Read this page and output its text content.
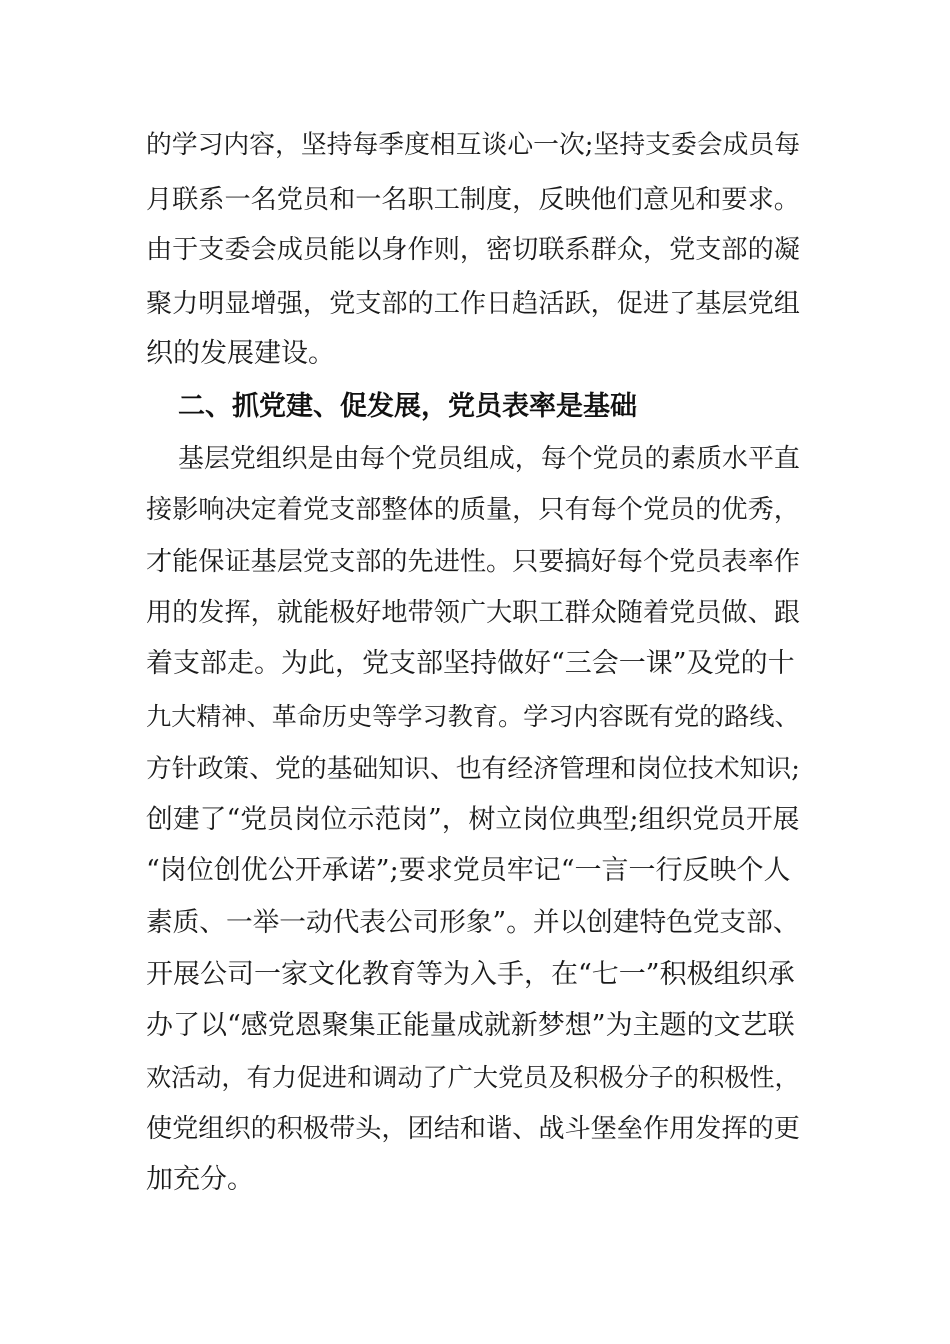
的学习内容，坚持每季度相互谈心一次;坚持支委会成员每
月联系一名党员和一名职工制度，反映他们意见和要求。
由于支委会成员能以身作则，密切联系群众，党支部的凝
聚力明显增强，党支部的工作日趋活跃，促进了基层党组
织的发展建设。
二、抓党建、促发展，党员表率是基础
基层党组织是由每个党员组成，每个党员的素质水平直
接影响决定着党支部整体的质量，只有每个党员的优秀，
才能保证基层党支部的先进性。只要搞好每个党员表率作
用的发挥，就能极好地带领广大职工群众随着党员做、跟
着支部走。为此，党支部坚持做好“三会一课”及党的十
九大精神、革命历史等学习教育。学习内容既有党的路线、
方针政策、党的基础知识、也有经济管理和岗位技术知识;
创建了“党员岗位示范岗”，树立岗位典型;组织党员开展
“岗位创优公开承诺”;要求党员牢记“一言一行反映个人
素质、一举一动代表公司形象”。并以创建特色党支部、
开展公司一家文化教育等为入手，在“七一”积极组织承
办了以“感党恩聚集正能量成就新梦想”为主题的文艺联
欢活动，有力促进和调动了广大党员及积极分子的积极性，
使党组织的积极带头，团结和谐、战斗堡垒作用发挥的更
加充分。
